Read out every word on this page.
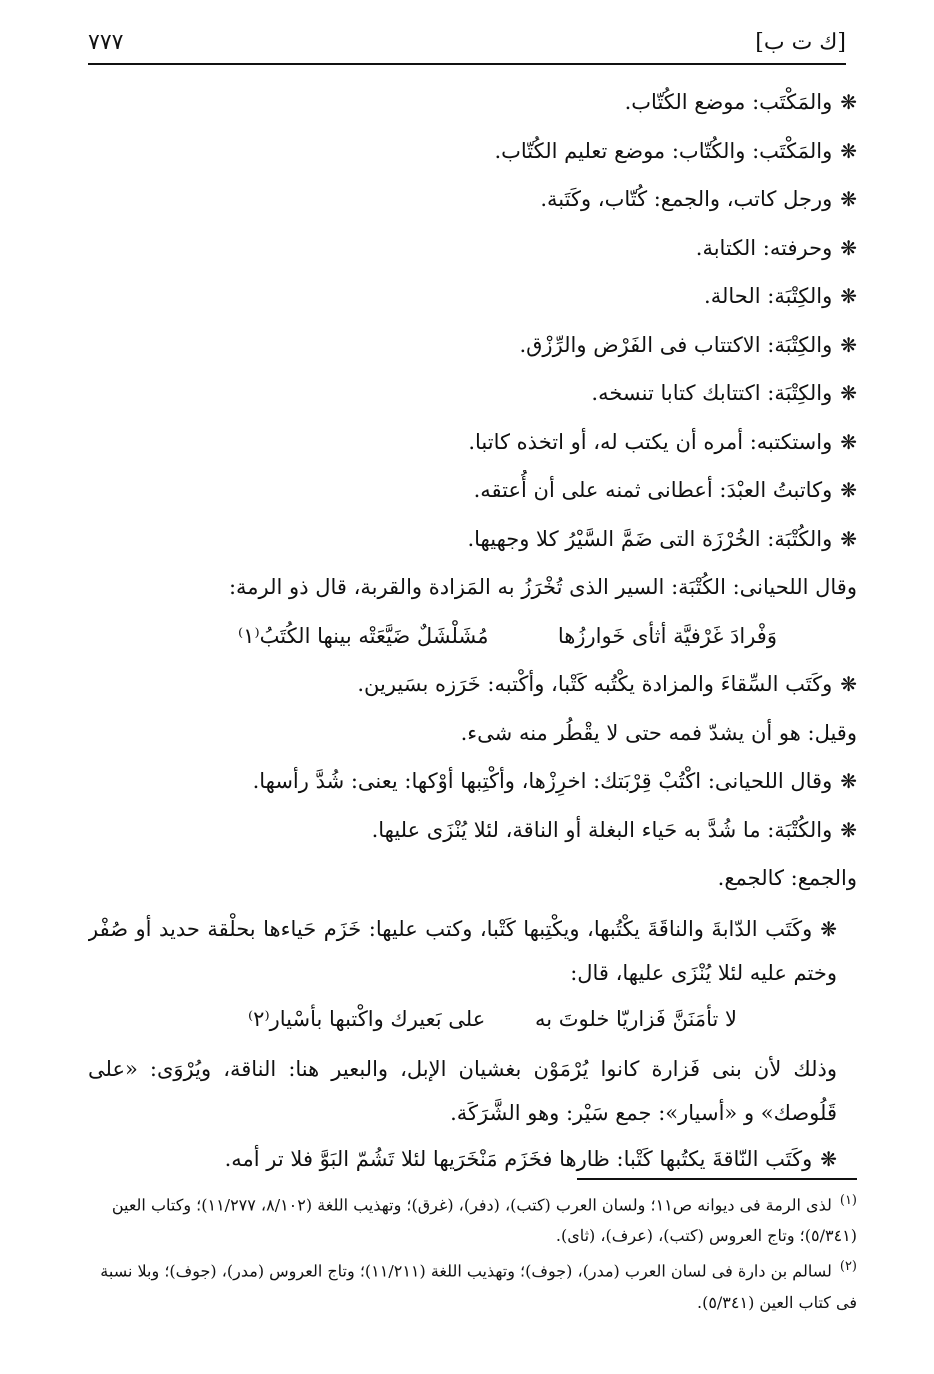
[ك ت ب]
٧٧٧
❋والمَكْتَب: موضع الكُتّاب.
❋والمَكْتَب: والكُتّاب: موضع تعليم الكُتّاب.
❋ورجل كاتب، والجمع: كُتّاب، وكَتَبة.
❋وحرفته: الكتابة.
❋والكِتْبَة: الحالة.
❋والكِتْبَة: الاكتتاب فى الفَرْض والرِّزْق.
❋والكِتْبَة: اكتتابك كتابا تنسخه.
❋واستكتبه: أمره أن يكتب له، أو اتخذه كاتبا.
❋وكاتبتُ العبْدَ: أعطانى ثمنه على أن أُعتقه.
❋والكُتْبَة: الخُرْزَة التى ضَمَّ السَّيْرُ كلا وجهيها.
وقال اللحيانى: الكُتْبَة: السير الذى تُخْرَزُ به المَزادة والقربة، قال ذو الرمة:
وَفْرادَ غَرْفيَّة أثأى خَوارزُها
مُشَلْشَلٌ ضَيَّعَتْه بينها الكُتَبُ⁽١⁾
❋وكَتَب السِّقاءَ والمزادة يكْتُبه كَتْبا، وأكْتبه: خَرَزه بسَيرين.
وقيل: هو أن يشدّ فمه حتى لا يقْطُر منه شىء.
❋وقال اللحيانى: اكْتُبْ قِرْبَتك: اخرِزْها، وأكْتِبها أوْكها: يعنى: شُدَّ رأسها.
❋والكُتْبَة: ما شُدَّ به حَياء البغلة أو الناقة، لئلا يُنْزَى عليها.
والجمع: كالجمع.
❋وكَتَب الدّابةَ والناقَةَ يكْتُبها، ويكْتِبها كَتْبا، وكتب عليها: خَزَم حَياءها بحلْقة حديد أو صُفْر وختم عليه لئلا يُنْزَى عليها، قال:
لا تأمَنَنَّ فَزاريّا خلوتَ به
على بَعيرك واكْتبها بأسْيار⁽٢⁾
وذلك لأن بنى فَزارة كانوا يُرْمَوْن بغشيان الإبل، والبعير هنا: الناقة، ويُرْوَى: «على قَلُوصك» و «أسيار»: جمع سَيْر: وهو الشَّرَكَة.
❋وكَتَب النّاقةَ يكتُبها كَتْبا: ظارها فخَزَم مَنْخَرَيها لئلا تَشُمّ البَوَّ فلا تر أمه.
$^{(١)}$لذى الرمة فى ديوانه ص١١؛ ولسان العرب (كتب)، (دفر)، (غرق)؛ وتهذيب اللغة (٨/١٠٢، ١١/٢٧٧)؛ وكتاب العين (٥/٣٤١)؛ وتاج العروس (كتب)، (عرف)، (ثاى).
$^{(٢)}$لسالم بن دارة فى لسان العرب (مدر)، (جوف)؛ وتهذيب اللغة (١١/٢١١)؛ وتاج العروس (مدر)، (جوف)؛ وبلا نسبة فى كتاب العين (٥/٣٤١).
